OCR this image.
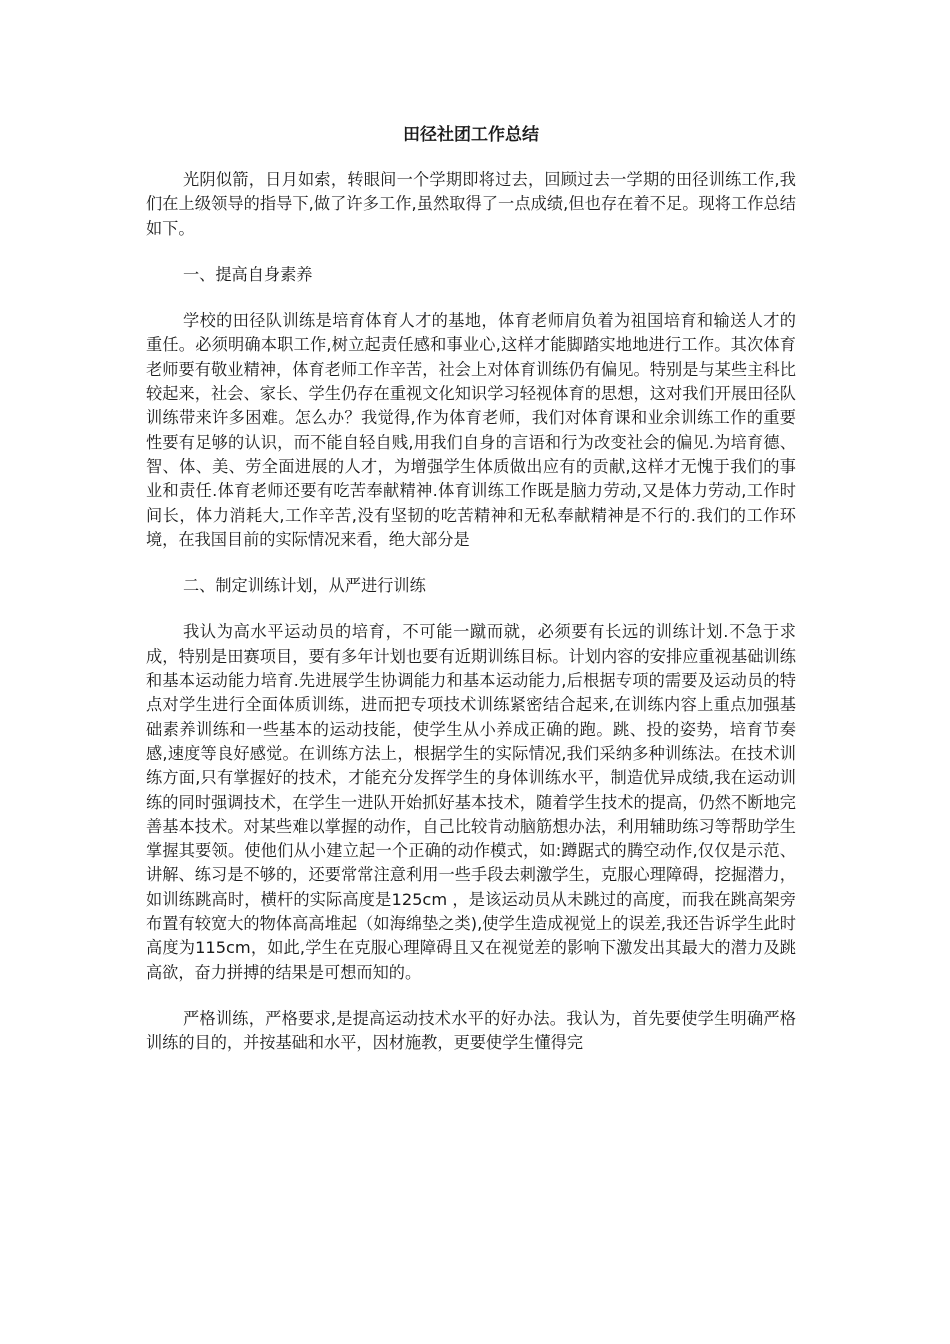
田径社团工作总结

光阴似箭，日月如索，转眼间一个学期即将过去，回顾过去一学期的田径训练工作,我们在上级领导的指导下,做了许多工作,虽然取得了一点成绩,但也存在着不足。现将工作总结如下。

一、提高自身素养

学校的田径队训练是培育体育人才的基地，体育老师肩负着为祖国培育和输送人才的重任。必须明确本职工作,树立起责任感和事业心,这样才能脚踏实地地进行工作。其次体育老师要有敬业精神，体育老师工作辛苦，社会上对体育训练仍有偏见。特别是与某些主科比较起来，社会、家长、学生仍存在重视文化知识学习轻视体育的思想，这对我们开展田径队训练带来许多困难。怎么办？我觉得,作为体育老师，我们对体育课和业余训练工作的重要性要有足够的认识，而不能自轻自贱,用我们自身的言语和行为改变社会的偏见.为培育德、智、体、美、劳全面进展的人才，为增强学生体质做出应有的贡献,这样才无愧于我们的事业和责任.体育老师还要有吃苦奉献精神.体育训练工作既是脑力劳动,又是体力劳动,工作时间长，体力消耗大,工作辛苦,没有坚韧的吃苦精神和无私奉献精神是不行的.我们的工作环境，在我国目前的实际情况来看，绝大部分是

二、制定训练计划，从严进行训练

我认为高水平运动员的培育，不可能一蹴而就，必须要有长远的训练计划.不急于求成，特别是田赛项目，要有多年计划也要有近期训练目标。计划内容的安排应重视基础训练和基本运动能力培育.先进展学生协调能力和基本运动能力,后根据专项的需要及运动员的特点对学生进行全面体质训练，进而把专项技术训练紧密结合起来,在训练内容上重点加强基础素养训练和一些基本的运动技能，使学生从小养成正确的跑。跳、投的姿势，培育节奏感,速度等良好感觉。在训练方法上，根据学生的实际情况,我们采纳多种训练法。在技术训练方面,只有掌握好的技术，才能充分发挥学生的身体训练水平，制造优异成绩,我在运动训练的同时强调技术，在学生一进队开始抓好基本技术，随着学生技术的提高，仍然不断地完善基本技术。对某些难以掌握的动作，自己比较肯动脑筋想办法，利用辅助练习等帮助学生掌握其要领。使他们从小建立起一个正确的动作模式，如:蹲踞式的腾空动作,仅仅是示范、讲解、练习是不够的，还要常常注意利用一些手段去刺激学生，克服心理障碍，挖掘潜力，如训练跳高时，横杆的实际高度是125cm ，是该运动员从未跳过的高度，而我在跳高架旁布置有较宽大的物体高高堆起（如海绵垫之类),使学生造成视觉上的误差,我还告诉学生此时高度为115cm，如此,学生在克服心理障碍且又在视觉差的影响下激发出其最大的潜力及跳高欲，奋力拼搏的结果是可想而知的。

严格训练，严格要求,是提高运动技术水平的好办法。我认为，首先要使学生明确严格训练的目的，并按基础和水平，因材施教，更要使学生懂得完
